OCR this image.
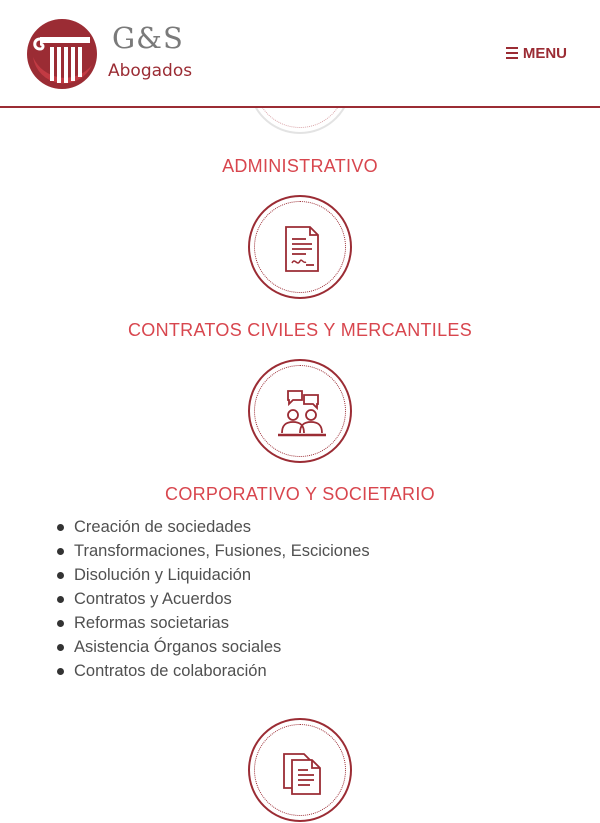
G&S
Abogados
MENU
ADMINISTRATIVO
CONTRATOS CIVILES Y MERCANTILES
CORPORATIVO Y SOCIETARIO
Creación de sociedades
Transformaciones, Fusiones, Esciciones
Disolución y Liquidación
Contratos y Acuerdos
Reformas societarias
Asistencia Órganos sociales
Contratos de colaboración
